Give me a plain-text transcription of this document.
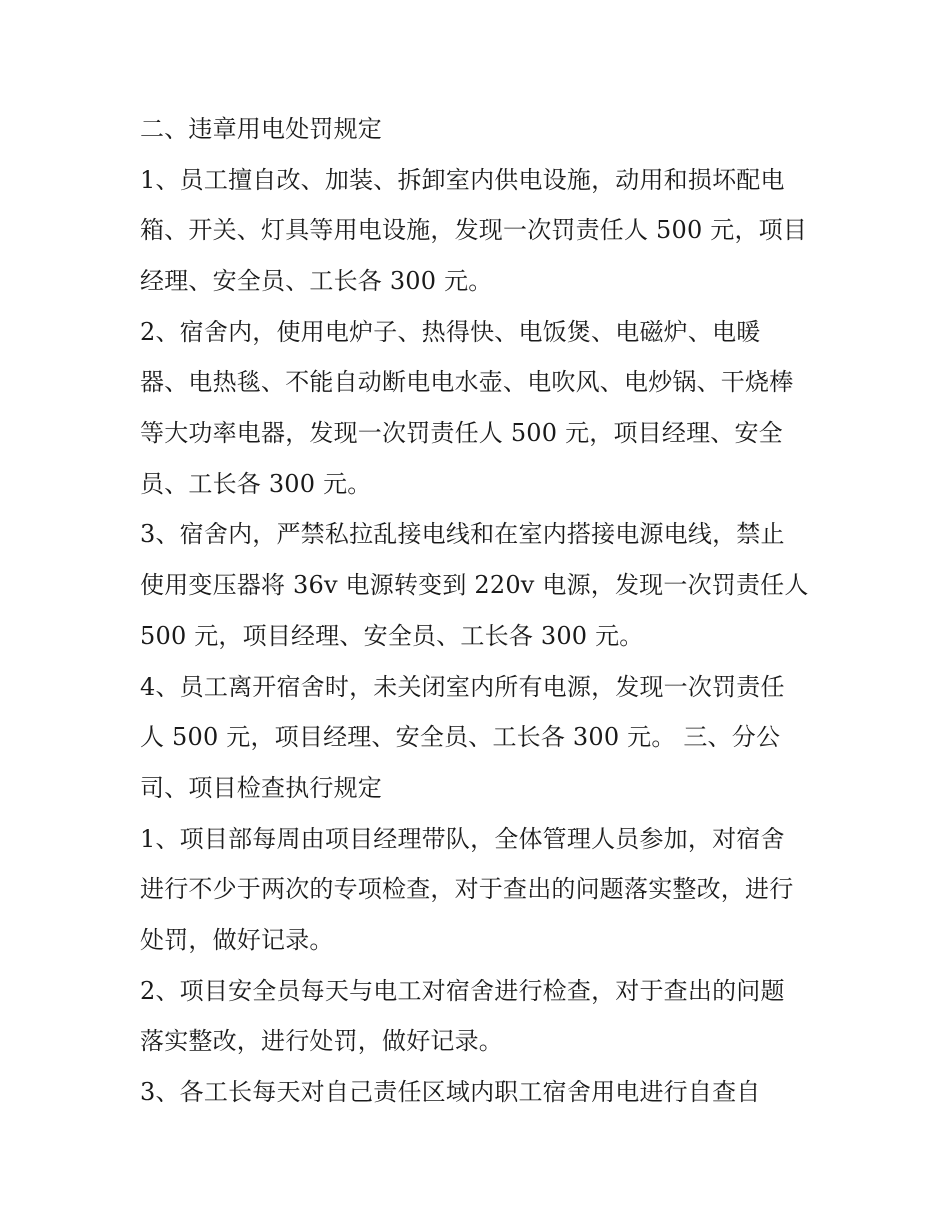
二、违章用电处罚规定
1、员工擅自改、加装、拆卸室内供电设施，动用和损坏配电
箱、开关、灯具等用电设施，发现一次罚责任人 500 元，项目
经理、安全员、工长各 300 元。
2、宿舍内，使用电炉子、热得快、电饭煲、电磁炉、电暖
器、电热毯、不能自动断电电水壶、电吹风、电炒锅、干烧棒
等大功率电器，发现一次罚责任人 500 元，项目经理、安全
员、工长各 300 元。
3、宿舍内，严禁私拉乱接电线和在室内搭接电源电线，禁止
使用变压器将 36v 电源转变到 220v 电源，发现一次罚责任人
500 元，项目经理、安全员、工长各 300 元。
4、员工离开宿舍时，未关闭室内所有电源，发现一次罚责任
人 500 元，项目经理、安全员、工长各 300 元。 三、分公
司、项目检查执行规定
1、项目部每周由项目经理带队，全体管理人员参加，对宿舍
进行不少于两次的专项检查，对于查出的问题落实整改，进行
处罚，做好记录。
2、项目安全员每天与电工对宿舍进行检查，对于查出的问题
落实整改，进行处罚，做好记录。
3、各工长每天对自己责任区域内职工宿舍用电进行自查自
